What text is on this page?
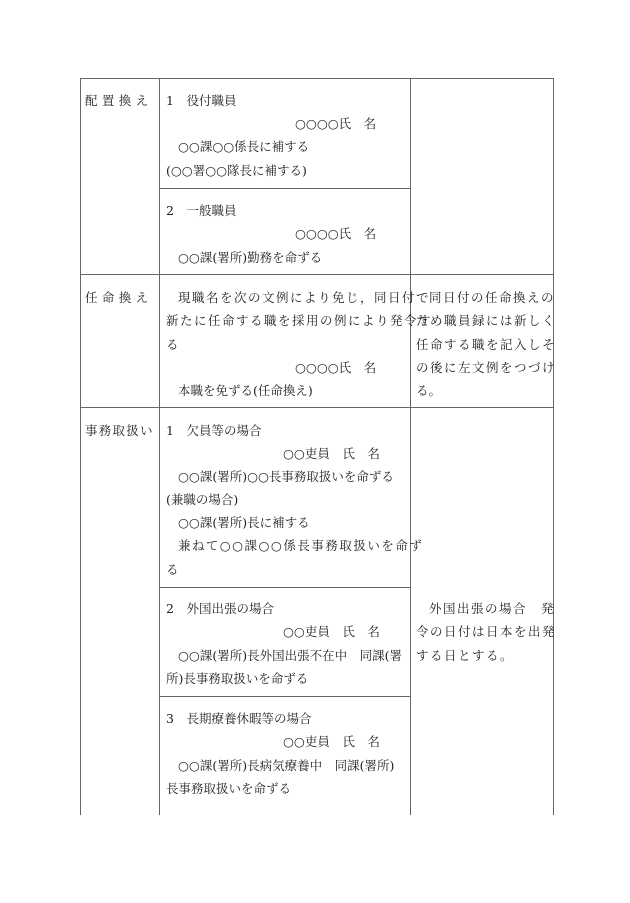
配置換え 1　役付職員
○○○○氏　名
○○課○○係長に補する
(○○署○○隊長に補する)
2　一般職員
○○○○氏　名
○○課(署所)勤務を命ずる
任命換え 現職名を次の文例により免じ，同日付で
新たに任命する職を採用の例により発令す
る
○○○○氏　名
本職を免ずる(任命換え)
同日付の任命換えの
ため職員録には新しく
任命する職を記入しそ
の後に左文例をつづけ
る。
事務取扱い 1　欠員等の場合
○○吏員　氏　名
○○課(署所)○○長事務取扱いを命ずる
(兼職の場合)
○○課(署所)長に補する
兼ねて○○課○○係長事務取扱いを命ず
る
2　外国出張の場合
○○吏員　氏　名
○○課(署所)長外国出張不在中　同課(署
所)長事務取扱いを命ずる
3　長期療養休暇等の場合
○○吏員　氏　名
○○課(署所)長病気療養中　同課(署所)
長事務取扱いを命ずる
外国出張の場合　発
令の日付は日本を出発
する日とする。
